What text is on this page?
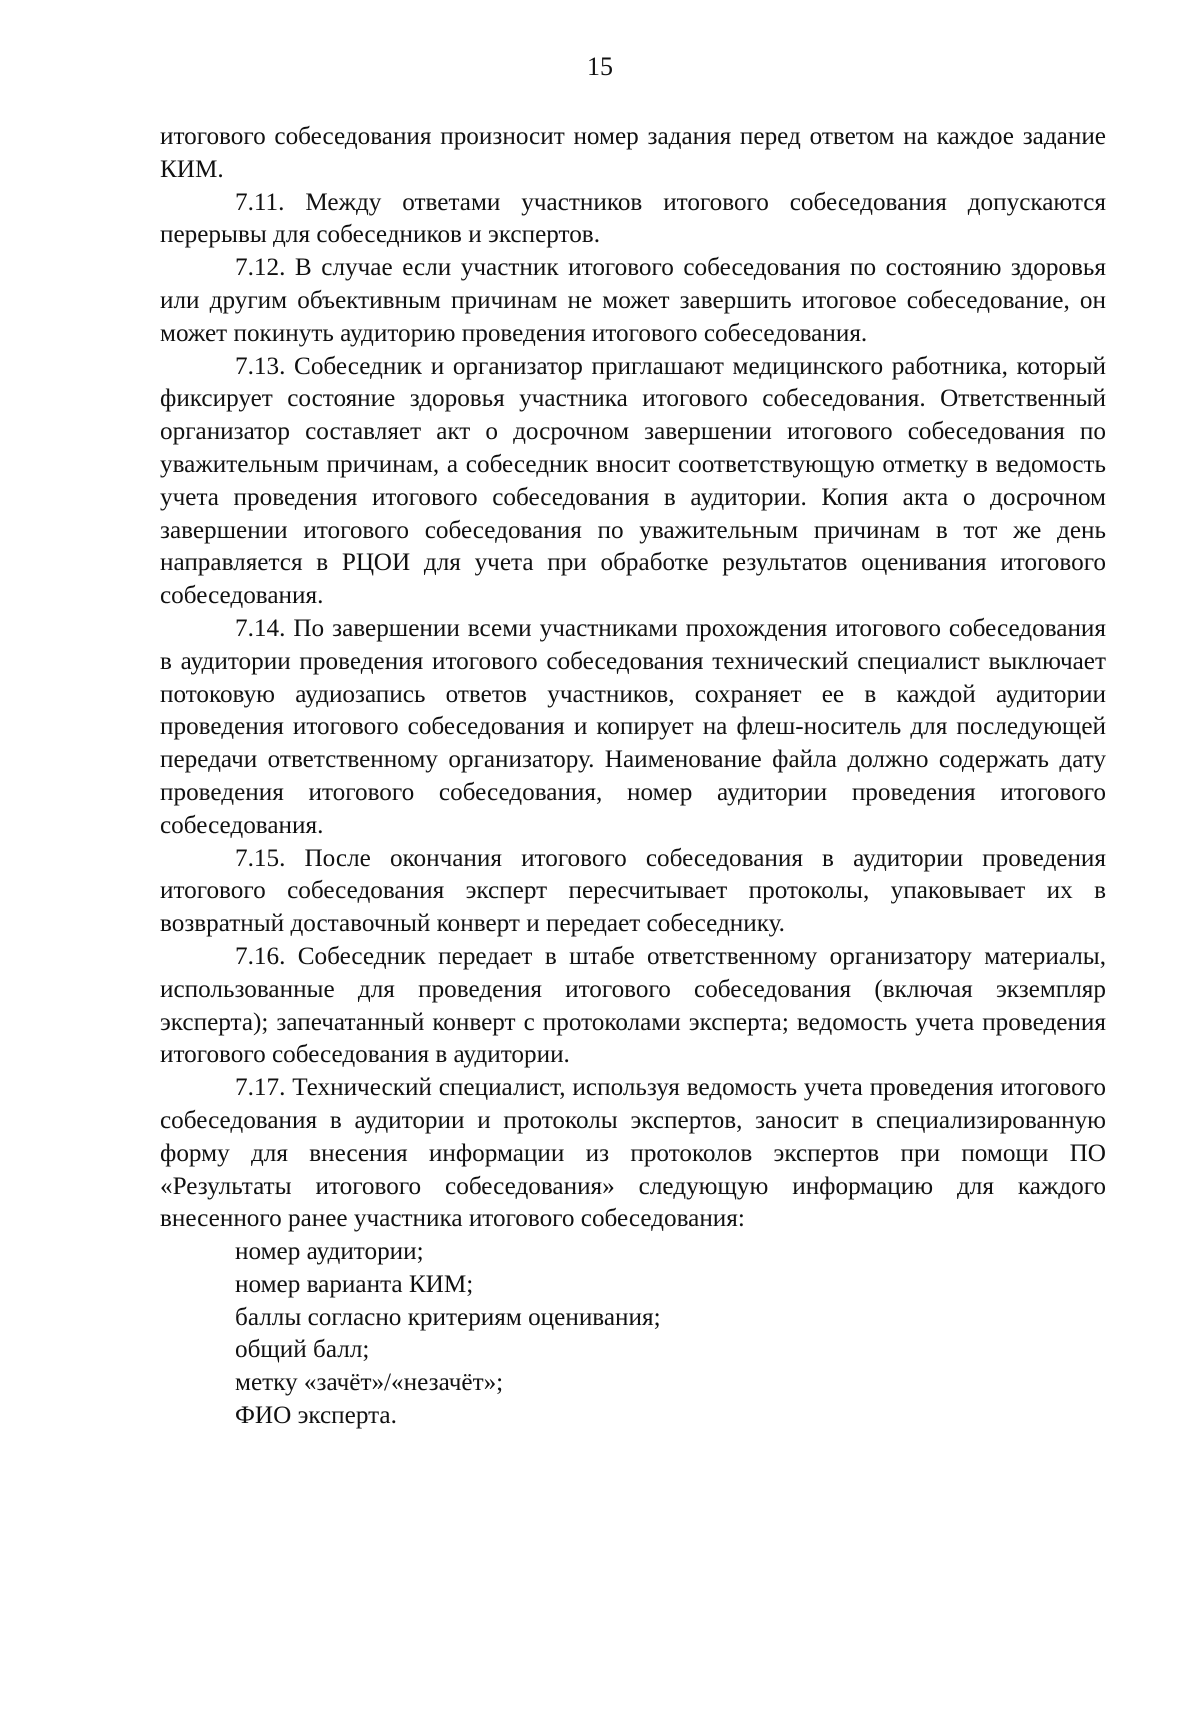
15

итогового собеседования произносит номер задания перед ответом на каждое задание КИМ.

7.11. Между ответами участников итогового собеседования допускаются перерывы для собеседников и экспертов.

7.12. В случае если участник итогового собеседования по состоянию здоровья или другим объективным причинам не может завершить итоговое собеседование, он может покинуть аудиторию проведения итогового собеседования.

7.13. Собеседник и организатор приглашают медицинского работника, который фиксирует состояние здоровья участника итогового собеседования. Ответственный организатор составляет акт о досрочном завершении итогового собеседования по уважительным причинам, а собеседник вносит соответствующую отметку в ведомость учета проведения итогового собеседования в аудитории. Копия акта о досрочном завершении итогового собеседования по уважительным причинам в тот же день направляется в РЦОИ для учета при обработке результатов оценивания итогового собеседования.

7.14. По завершении всеми участниками прохождения итогового собеседования в аудитории проведения итогового собеседования технический специалист выключает потоковую аудиозапись ответов участников, сохраняет ее в каждой аудитории проведения итогового собеседования и копирует на флеш-носитель для последующей передачи ответственному организатору. Наименование файла должно содержать дату проведения итогового собеседования, номер аудитории проведения итогового собеседования.

7.15. После окончания итогового собеседования в аудитории проведения итогового собеседования эксперт пересчитывает протоколы, упаковывает их в возвратный доставочный конверт и передает собеседнику.

7.16. Собеседник передает в штабе ответственному организатору материалы, использованные для проведения итогового собеседования (включая экземпляр эксперта); запечатанный конверт с протоколами эксперта; ведомость учета проведения итогового собеседования в аудитории.

7.17. Технический специалист, используя ведомость учета проведения итогового собеседования в аудитории и протоколы экспертов, заносит в специализированную форму для внесения информации из протоколов экспертов при помощи ПО «Результаты итогового собеседования» следующую информацию для каждого внесенного ранее участника итогового собеседования:

номер аудитории;
номер варианта КИМ;
баллы согласно критериям оценивания;
общий балл;
метку «зачёт»/«незачёт»;
ФИО эксперта.
